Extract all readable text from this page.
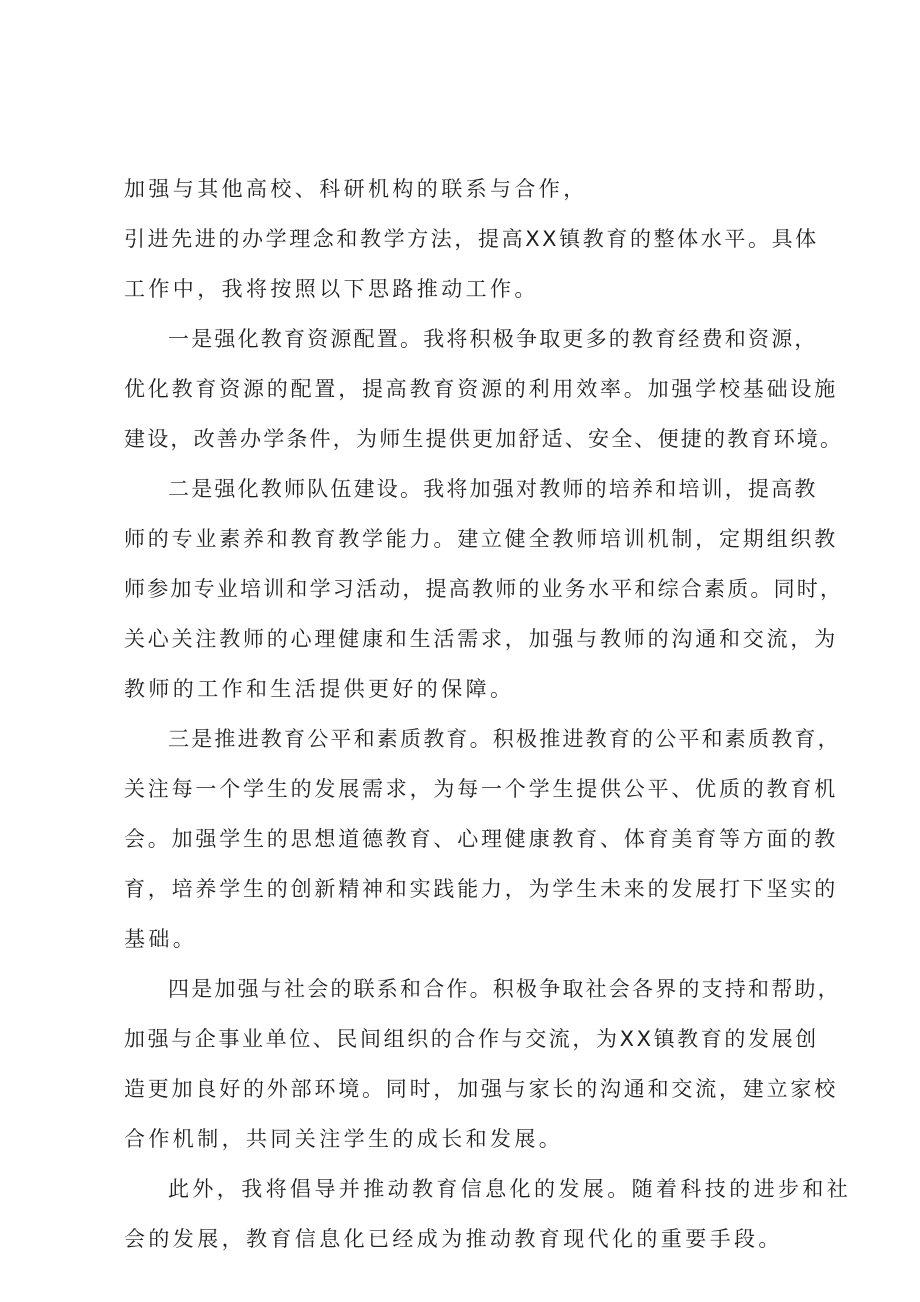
加强与其他高校、科研机构的联系与合作，
引进先进的办学理念和教学方法，提高XX镇教育的整体水平。具体
工作中，我将按照以下思路推动工作。
一是强化教育资源配置。我将积极争取更多的教育经费和资源，
优化教育资源的配置，提高教育资源的利用效率。加强学校基础设施
建设，改善办学条件，为师生提供更加舒适、安全、便捷的教育环境。
二是强化教师队伍建设。我将加强对教师的培养和培训，提高教
师的专业素养和教育教学能力。建立健全教师培训机制，定期组织教
师参加专业培训和学习活动，提高教师的业务水平和综合素质。同时，
关心关注教师的心理健康和生活需求，加强与教师的沟通和交流，为
教师的工作和生活提供更好的保障。
三是推进教育公平和素质教育。积极推进教育的公平和素质教育，
关注每一个学生的发展需求，为每一个学生提供公平、优质的教育机
会。加强学生的思想道德教育、心理健康教育、体育美育等方面的教
育，培养学生的创新精神和实践能力，为学生未来的发展打下坚实的
基础。
四是加强与社会的联系和合作。积极争取社会各界的支持和帮助，
加强与企事业单位、民间组织的合作与交流，为XX镇教育的发展创
造更加良好的外部环境。同时，加强与家长的沟通和交流，建立家校
合作机制，共同关注学生的成长和发展。
此外，我将倡导并推动教育信息化的发展。随着科技的进步和社
会的发展，教育信息化已经成为推动教育现代化的重要手段。
